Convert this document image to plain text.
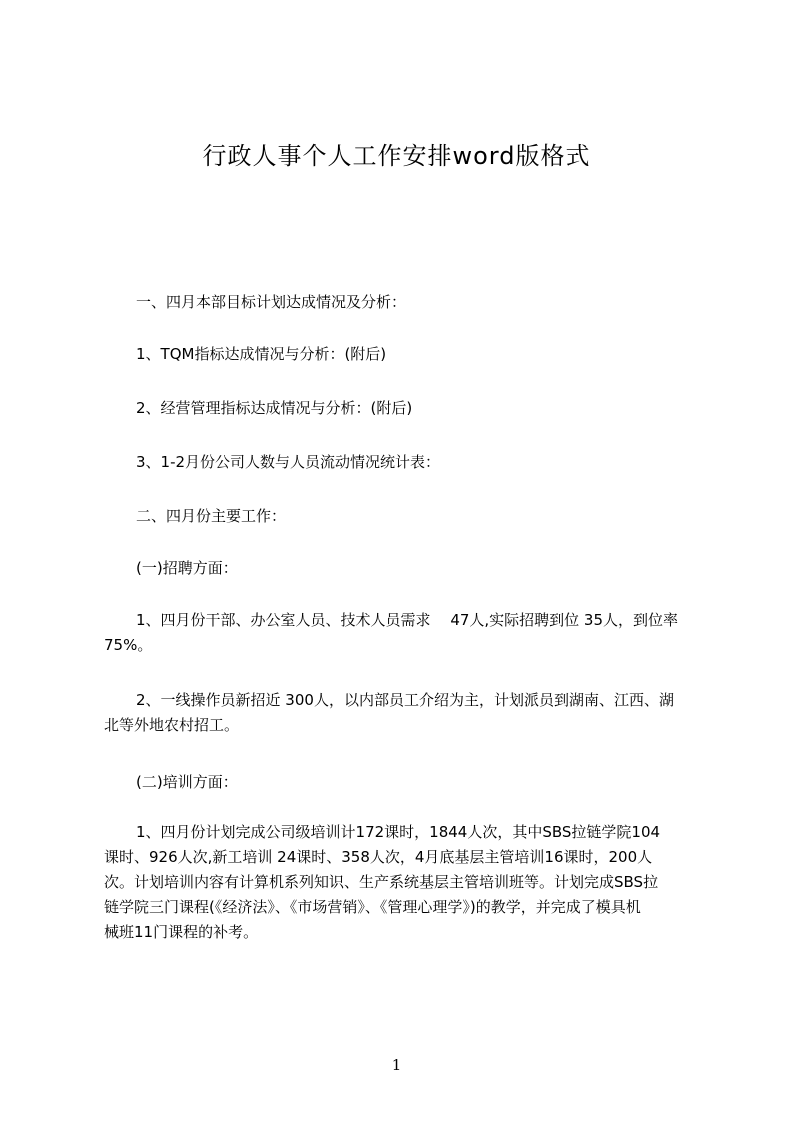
行政人事个人工作安排word版格式

一、四月本部目标计划达成情况及分析：

1、TQM指标达成情况与分析：(附后)

2、经营管理指标达成情况与分析：(附后)

3、1-2月份公司人数与人员流动情况统计表：

二、四月份主要工作：

(一)招聘方面：

1、四月份干部、办公室人员、技术人员需求　 47人,实际招聘到位 35人，到位率
75%。
2、一线操作员新招近 300人，以内部员工介绍为主，计划派员到湖南、江西、湖
北等外地农村招工。

(二)培训方面：

1、四月份计划完成公司级培训计172课时，1844人次，其中SBS拉链学院104
课时、926人次,新工培训 24课时、358人次，4月底基层主管培训16课时，200人
次。计划培训内容有计算机系列知识、生产系统基层主管培训班等。计划完成SBS拉
链学院三门课程(《经济法》、《市场营销》、《管理心理学》)的教学，并完成了模具机
械班11门课程的补考。
1
